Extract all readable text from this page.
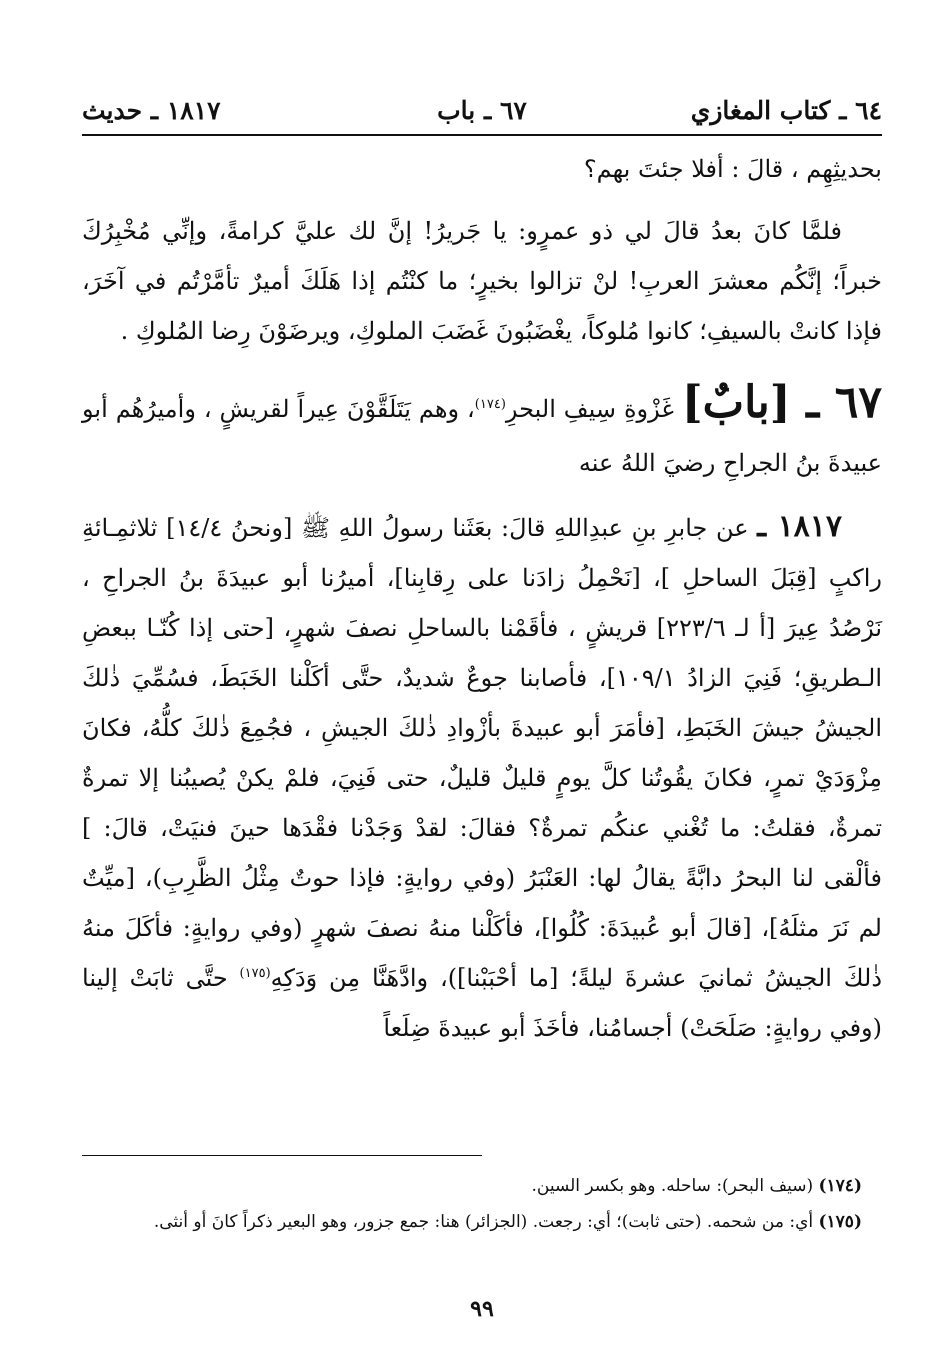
٦٤ ـ كتاب المغازي
٦٧ ـ باب
١٨١٧ ـ حديث

بحديثِهِم ، قالَ : أفلا جئتَ بهم؟

فلمَّا كانَ بعدُ قالَ لي ذو عمرٍو: يا جَريرُ! إنَّ لك عليَّ كرامةً، وإنِّي مُخْبِرُكَ خبراً؛ إنَّكُم معشرَ العربِ! لنْ تزالوا بخيرٍ؛ ما كنْتُم إذا هَلَكَ أميرٌ تأمَّرْتُم في آخَرَ، فإذا كانتْ بالسيفِ؛ كانوا مُلوكاً، يغْضَبُونَ غَضَبَ الملوكِ، ويرضَوْنَ رِضا المُلوكِ .

٦٧ ـ [بابٌ] غَزْوةِ سِيفِ البحرِ$^{(١٧٤)}$، وهم يَتَلَقَّوْنَ عِيراً لقريشٍ ، وأميرُهُم أبو عبيدةَ بنُ الجراحِ رضيَ اللهُ عنه

١٨١٧ ـ عن جابرِ بنِ عبدِاللهِ قالَ: بعَثَنا رسولُ اللهِ ﷺ [ونحنُ ١٤/٤] ثلاثمِـائةِ راكبٍ [قِبَلَ الساحلِ ]، [نَحْمِلُ زادَنا على رِقابِنا]، أميرُنا أبو عبيدَةَ بنُ الجراحِ ، نَرْصُدُ عِيرَ [أ لـ ٢٢٣/٦] قريشٍ ، فأقَمْنا بالساحلِ نصفَ شهرٍ، [حتى إذا كُنّـا ببعضِ الـطريقِ؛ فَنِيَ الزادُ ١٠٩/١]، فأصابنا جوعٌ شديدٌ، حتَّى أكَلْنا الخَبَطَ، فسُمِّيَ ذٰلكَ الجيشُ جيشَ الخَبَطِ، [فأمَرَ أبو عبيدةَ بأزْوادِ ذٰلكَ الجيشِ ، فجُمِعَ ذٰلكَ كلُّهُ، فكانَ مِزْوَدَيْ تمرٍ، فكانَ يقُوتُنا كلَّ يومٍ قليلٌ قليلٌ، حتى فَنِيَ، فلمْ يكنْ يُصيبُنا إلا تمرةٌ تمرةٌ، فقلتُ: ما تُغْني عنكُم تمرةٌ؟ فقالَ: لقدْ وَجَدْنا فقْدَها حينَ فنيَتْ، قالَ: ] فألْقى لنا البحرُ دابَّةً يقالُ لها: العَنْبَرُ (وفي روايةٍ: فإذا حوتٌ مِثْلُ الظَّرِبِ)، [ميِّتٌ لم نَرَ مثلَهُ]، [قالَ أبو عُبيدَةَ: كُلُوا]، فأكَلْنا منهُ نصفَ شهرٍ (وفي روايةٍ: فأكَلَ منهُ ذٰلكَ الجيشُ ثمانيَ عشرةَ ليلةً؛ [ما أحْبَبْنا])، وادَّهَنَّا مِن وَدَكِهِ$^{(١٧٥)}$ حتَّى ثابَتْ إلينا (وفي روايةٍ: صَلَحَتْ) أجسامُنا، فأخَذَ أبو عبيدةَ ضِلَعاً

(١٧٤) (سيف البحر): ساحله. وهو بكسر السين.

(١٧٥) أي: من شحمه. (حتى ثابت)؛ أي: رجعت. (الجزائر) هنا: جمع جزور، وهو البعير ذكراً كانَ أو أنثى.

٩٩
